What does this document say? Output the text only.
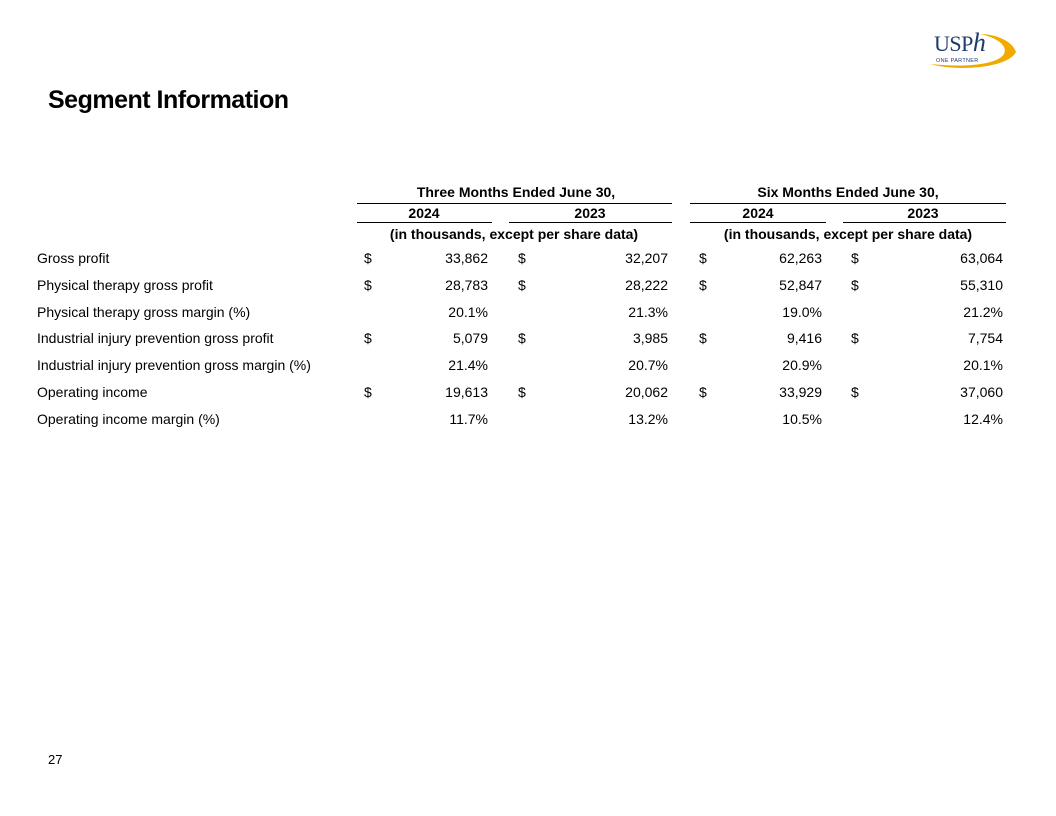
USPh
ONE PARTNER
Segment Information
Three Months Ended June 30,
2024	2023
(in thousands, except per share data)
Six Months Ended June 30,
2024	2023
(in thousands, except per share data)
Gross profit	$	33,862 $	32,207 $	62,263 $	63,064
Physical therapy gross profit	$	28,783 $	28,222 $	52,847 $	55,310
Physical therapy gross margin (%)	20.1%	21.3%	19.0%	21.2%
Industrial injury prevention gross profit	$	5,079 $	3,985 $	9,416 $	7,754
Industrial injury prevention gross margin (%)	21.4%	20.7%	20.9%	20.1%
Operating income	$	19,613 $	20,062 $	33,929 $	37,060
Operating income margin (%)	11.7%	13.2%	10.5%	12.4%
27
